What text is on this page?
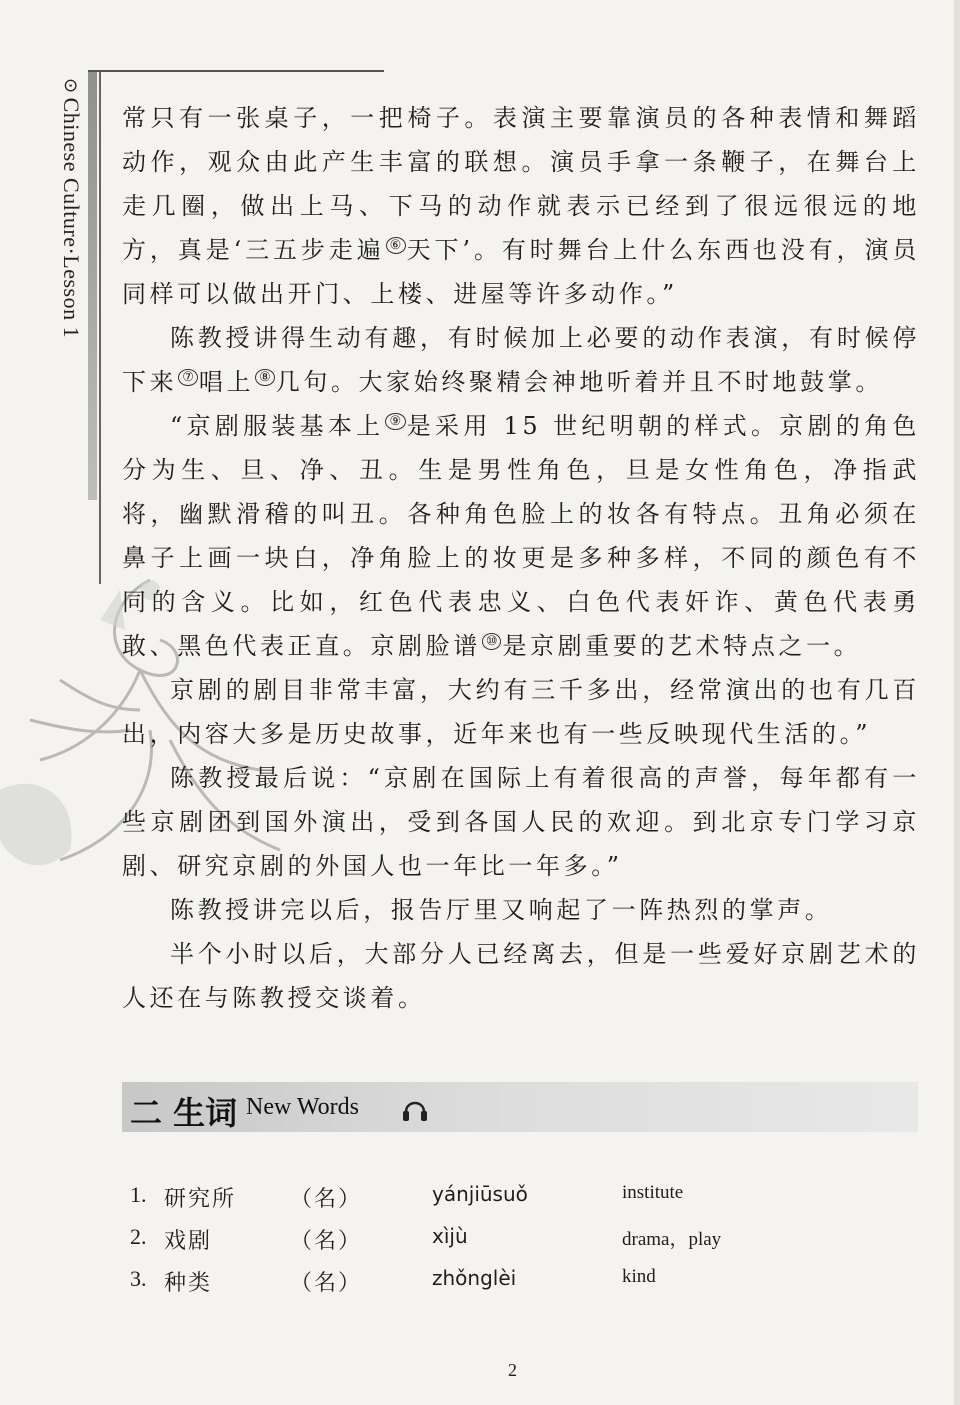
⊙Chinese Culture·Lesson 1 常只有一张桌子，一把椅子。表演主要靠演员的各种表情和舞蹈动作，观众由此产生丰富的联想。演员手拿一条鞭子，在舞台上走几圈，做出上马、下马的动作就表示已经到了很远很远的地方，真是‘三五步走遍 ⑥ 天下’。有时舞台上什么东西也没有，演员同样可以做出开门、上楼、进屋等许多动作。”

陈教授讲得生动有趣，有时候加上必要的动作表演，有时候停下来 ⑦ 唱上 ⑧ 几句。大家始终聚精会神地听着并且不时地鼓掌。

“京剧服装基本上 ⑨ 是采用 15 世纪明朝的样式。京剧的角色分为生、旦、净、丑。生是男性角色，旦是女性角色，净指武将，幽默滑稽的叫丑。各种角色脸上的妆各有特点。丑角必须在鼻子上画一块白，净角脸上的妆更是多种多样，不同的颜色有不同的含义。比如，红色代表忠义、白色代表奸诈、黄色代表勇敢、黑色代表正直。京剧脸谱 ⑩ 是京剧重要的艺术特点之一。

京剧的剧目非常丰富，大约有三千多出，经常演出的也有几百出，内容大多是历史故事，近年来也有一些反映现代生活的。”

陈教授最后说：“京剧在国际上有着很高的声誉，每年都有一些京剧团到国外演出，受到各国人民的欢迎。到北京专门学习京剧、研究京剧的外国人也一年比一年多。”

陈教授讲完以后，报告厅里又响起了一阵热烈的掌声。

半个小时以后，大部分人已经离去，但是一些爱好京剧艺术的人还在与陈教授交谈着。

二 生词 New Words
1. 研究所 （名）	yánjiūsuǒ	institute
2. 戏剧	（名）	xìjù	drama，play
3. 种类	（名）	zhǒnglèi	kind
2
